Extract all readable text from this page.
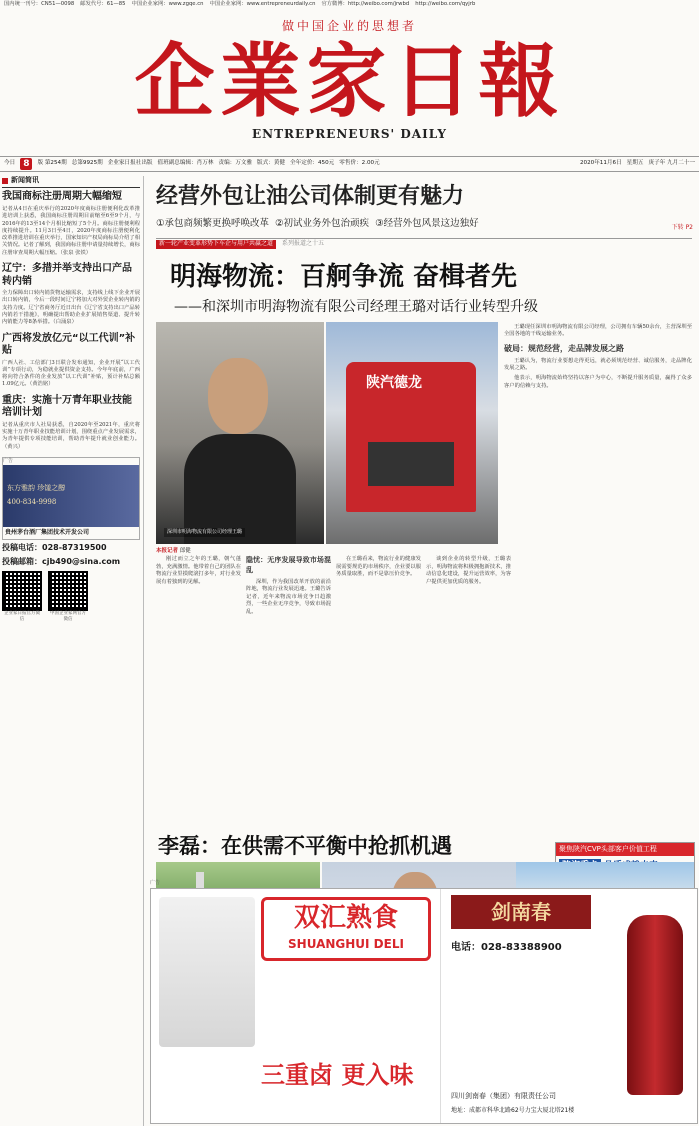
国内统一刊号：CN51—0098 邮发代号：61—85 中国企业家网：www.zgqe.cn 中国企业家网：www.entrepreneurdaily.cn 官方微博：http://weibo.com/jrwbd http://weibo.com/qyjrb
做中国企业的思想者
企業家日報
ENTREPRENEURS' DAILY
今日 8	版 第254期 总第9925期 企业家日报社出版 值班副总编辑：肖万林 责编：万文雅 版式：黄健 全年定价：450元 零售价：2.00元	2020年11月6日 星期五 庚子年 九月二十一
新闻简讯
我国商标注册周期大幅缩短

记者从4日在重庆举行的2020年度商标注册便利化改革推进培训上获悉，我国商标注册周期目前缩至6至9个月，与2016年的13至14个月相比缩短了5个月。商标注册便利程度持续提升。11月3日至4日，2020年度商标注册便利化改革推进培训在重庆举行，国家知识产权局商标局介绍了相关情况。记者了解到，我国商标注册申请量持续增长，商标注册审查周期大幅压缩。（张泉 张铁）

辽宁：多措并举支持出口产品转内销

全力保障出口转内销货物运输需求，支持线上线下企业开展出口转内销，今后一段时间辽宁将加大对外贸企业转内销的支持力度。辽宁省商务厅近日出台《辽宁省支持出口产品转内销若干措施》，明确提出帮助企业扩展销售渠道、提升转内销能力等8条举措。（白涌泉）

广西将发放亿元“以工代训”补贴

广西人社、工信部门3日联合发布通知，企业开展“以工代训”专项行动，为稳就业提供资金支持。今年年底前，广西将向符合条件的企业发放“以工代训”补贴，预计补贴总额1.09亿元。（黄浩铭）

重庆：实施十万青年职业技能培训计划

记者从重庆市人社局获悉，自2020年至2021年，重庆将实施十万青年职业技能培训计划，围绕重点产业发展需求，为青年提供专项技能培训，帮助青年提升就业创业能力。（黄兴）

广告
东方雅韵 珍馐之醇
400-834-9998
贵州茅台酒厂集团技术开发公司
投稿电话：028-87319500
投稿邮箱：cjb490@sina.com
企业家日报官方微信
中国企业家网官方微信
经营外包让油公司体制更有魅力
①承包商频繁更换呼唤改革 ②初试业务外包治顽疾 ③经营外包风景这边独好	下转 P2
新一轮产业变革形势下车企与用户共赢之道	系列报道之十五
明海物流：百舸争流 奋楫者先
——和深圳市明海物流有限公司经理王璐对话行业转型升级
深圳市明海物流有限公司经理王璐
陕汽德龙

王璐现任深圳市明海物流有限公司经理，公司拥有车辆50余台，主营深圳至全国各地的干线运输业务。

破局：规范经营，走品牌发展之路

王璐认为，物流行业要想走得更远，就必须规范经营、诚信服务，走品牌化发展之路。

他表示，明海物流始终坚持以客户为中心，不断提升服务质量，赢得了众多客户的信赖与支持。

本报记者 郎健

刚过而立之年的王璐，朝气蓬勃，充满激情。他带着自己的团队在物流行业里摸爬滚打多年，对行业发展有着独到的见解。

隐忧：无序发展导致市场混乱

深圳，作为我国改革开放的前沿阵地，物流行业发展迅速。王璐告诉记者，近年来物流市场竞争日趋激烈，一些企业无序竞争，导致市场混乱。

在王璐看来，物流行业的健康发展需要规范的市场秩序，企业要以服务质量取胜，而不是靠压价竞争。

谈到企业的转型升级，王璐表示，明海物流将积极拥抱新技术，推动信息化建设，提升运营效率，为客户提供更加优质的服务。

聚焦陕汽CVP头部客户价值工程
李磊：在供需不平衡中抢抓机遇

广告
双汇熟食
SHUANGHUI DELI
三重卤 更入味
剑南春
电话：028-83388900
四川剑南春（集团）有限责任公司
地址：成都市科华北路62号力宝大厦北塔21楼
